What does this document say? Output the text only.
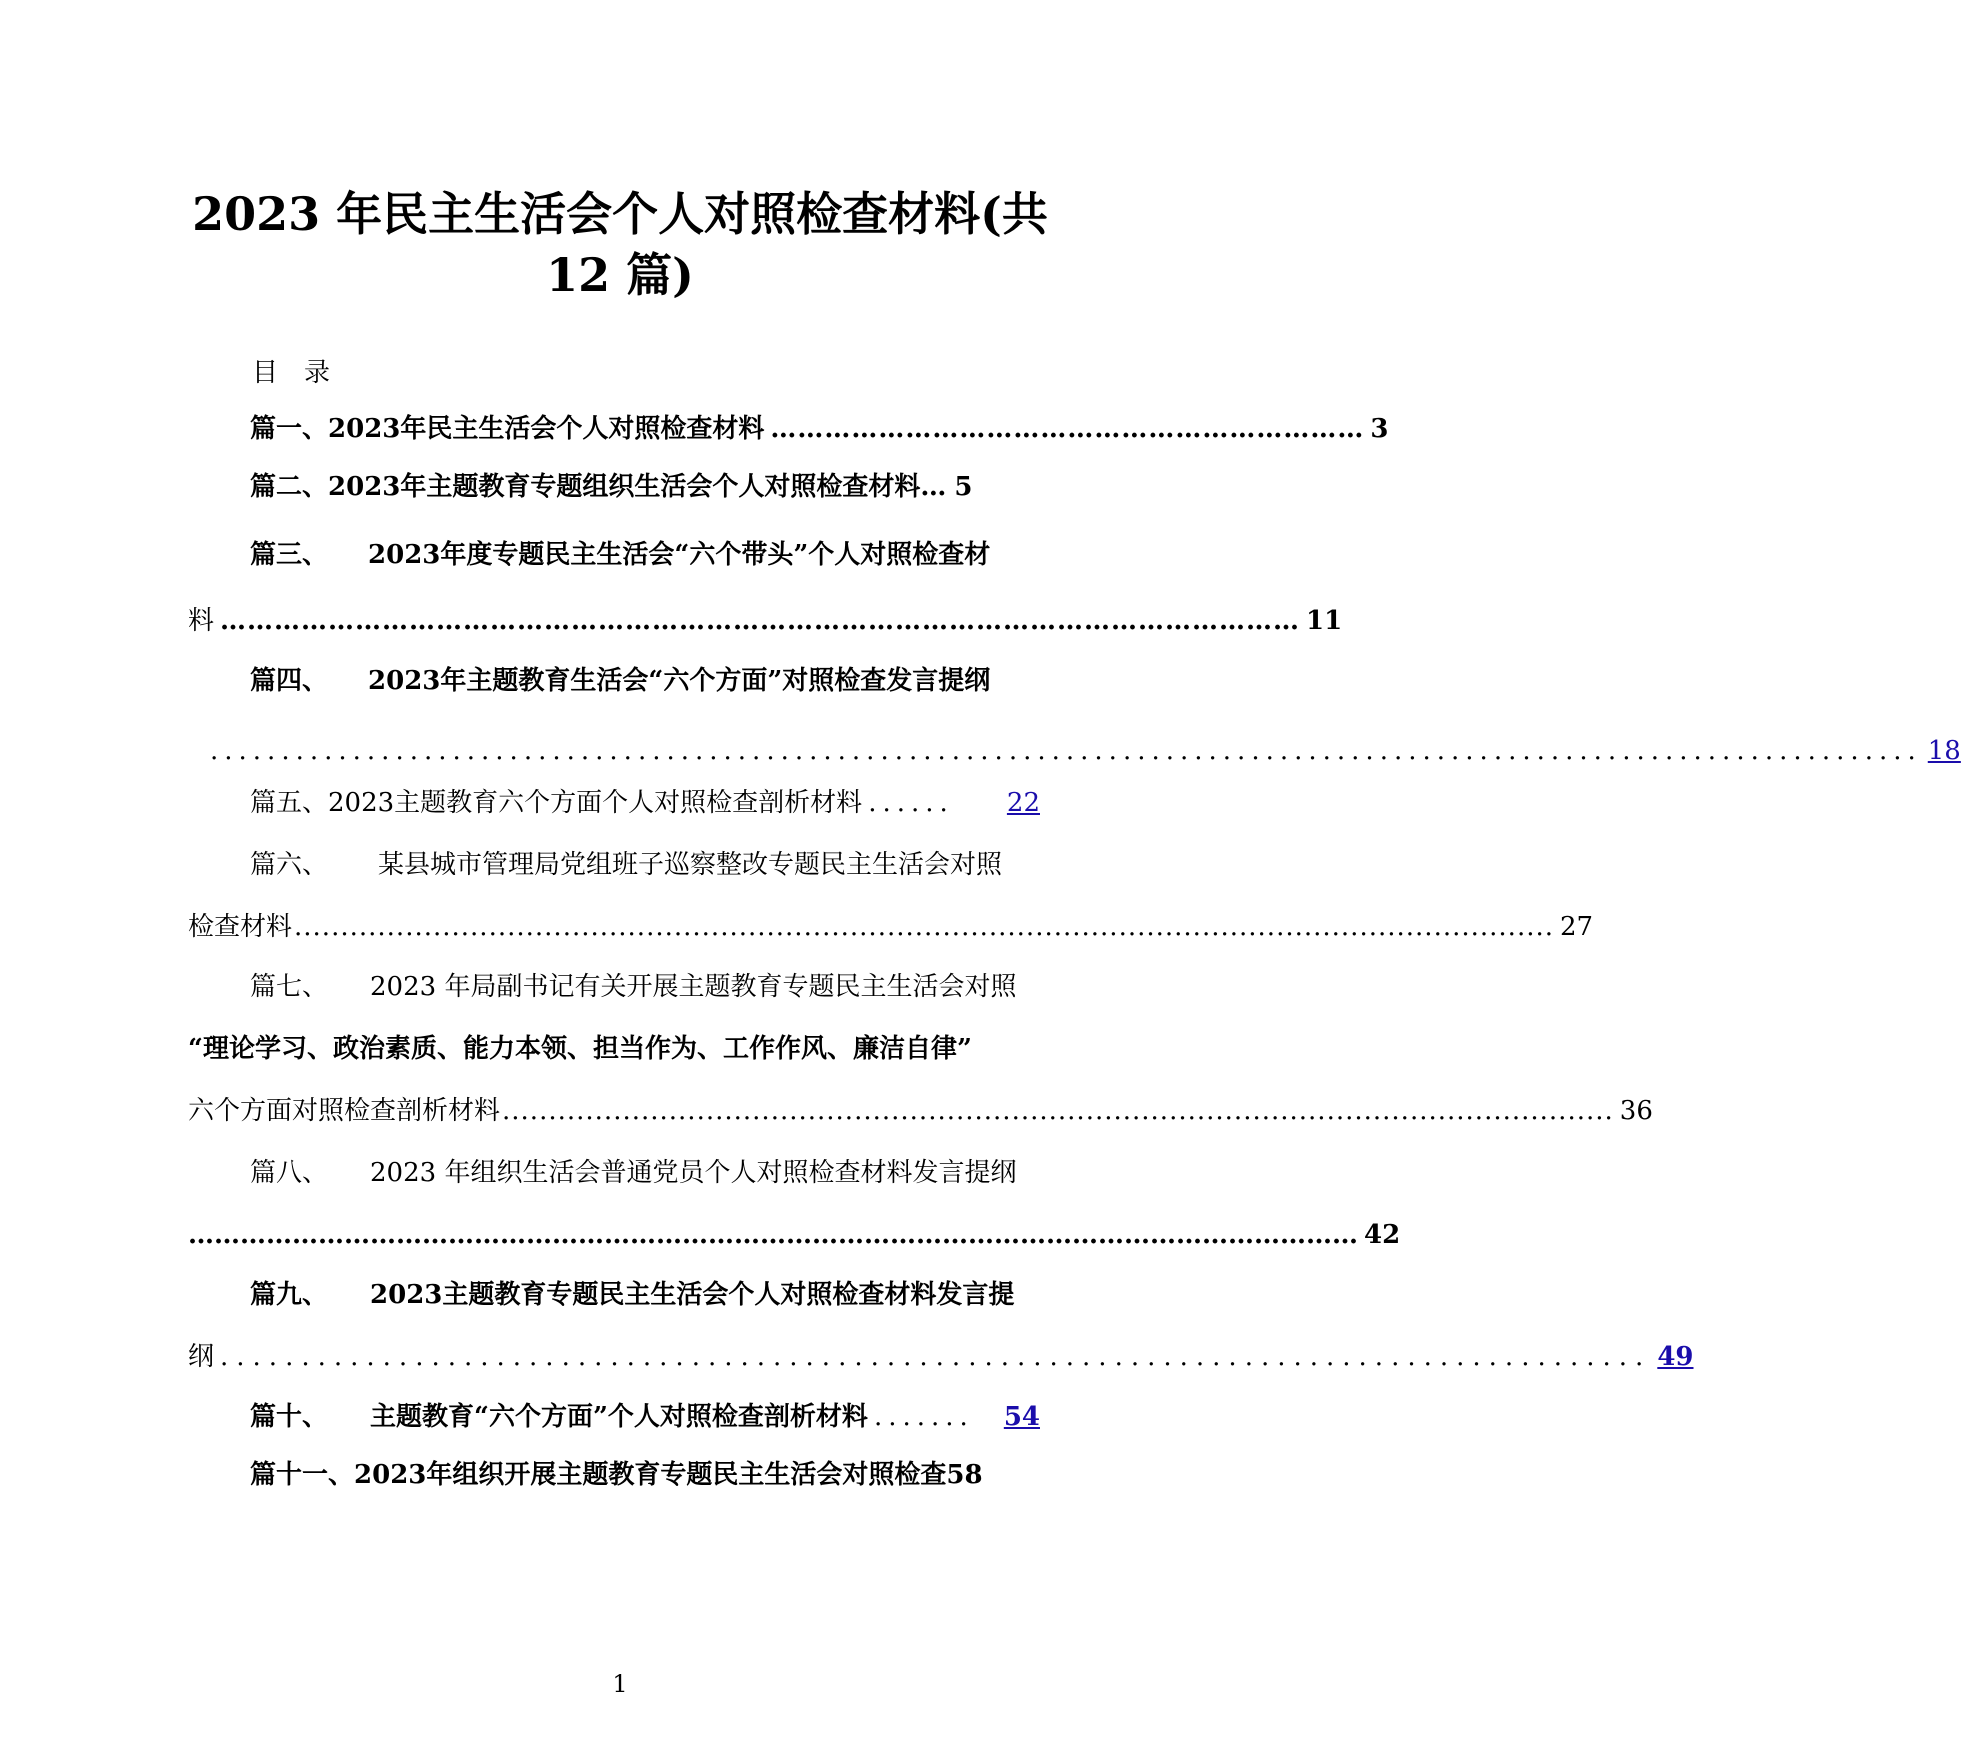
2023 年民主生活会个人对照检查材料(共
12 篇)
目录
篇一、 2023年民主生活会个人对照检查材料 ………………………………………………………… 3
篇二、 2023年主题教育专题组织生活会个人对照检查材料… 5
篇三、 2023年度专题民主生活会“六个带头”个人对照检查材
料 ………………………………………………………………………………………………………… 11
篇四、 2023年主题教育生活会“六个方面”对照检查发言提纲
........................................................................................................................ 18
篇五、 2023主题教育六个方面个人对照检查剖析材料 ......	22
篇六、 某县城市管理局党组班子巡察整改专题民主生活会对照
检查材料 ........................................................................................................................................ 27
篇七、 2023 年局副书记有关开展主题教育专题民主生活会对照
“理论学习、政治素质、能力本领、担当作为、工作作风、廉洁自律”
六个方面对照检查剖析材料 ........................................................................................................................ 36
篇八、 2023 年组织生活会普通党员个人对照检查材料发言提纲
……………………………………………………………………………………………………………………… 42
篇九、 2023主题教育专题民主生活会个人对照检查材料发言提
纲 ........................................................................................ 49
篇十、 主题教育“六个方面”个人对照检查剖析材料 .......	54
篇十一、 2023年组织开展主题教育专题民主生活会对照检查 58
1
